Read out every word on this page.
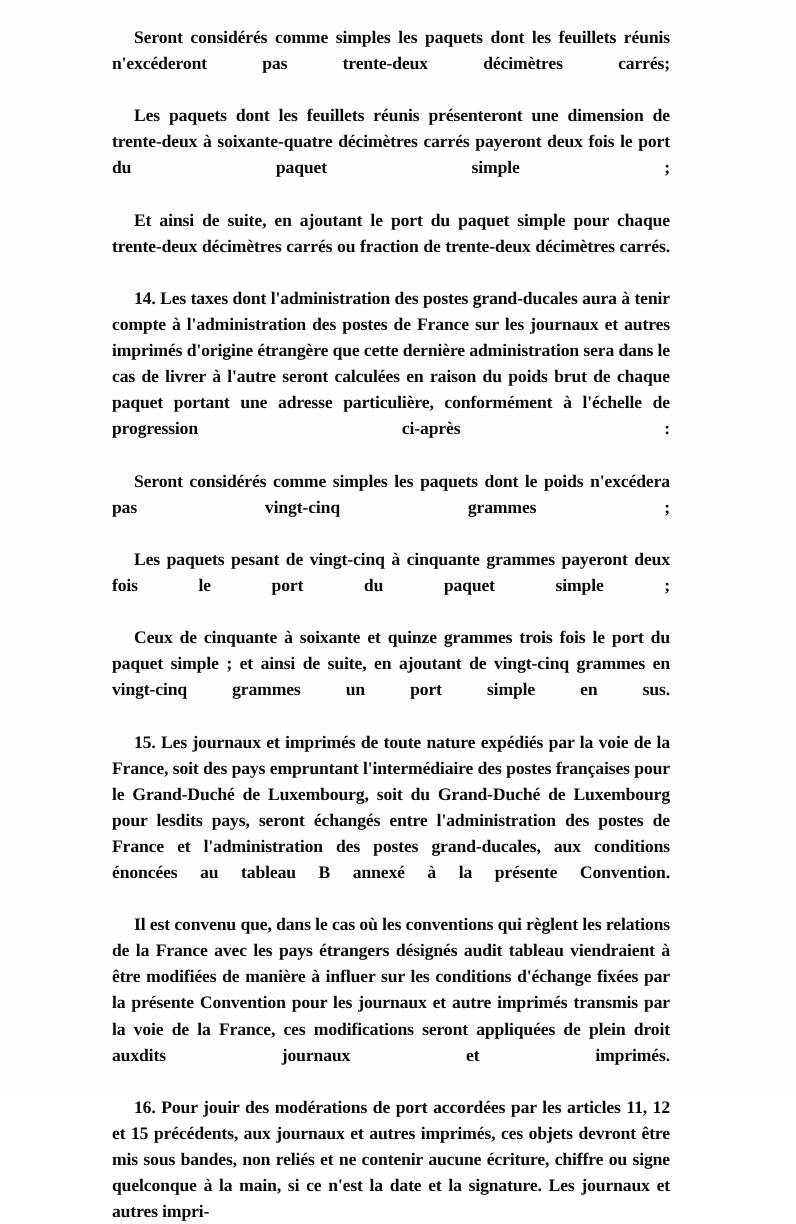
Seront considérés comme simples les paquets dont les feuillets réunis n'excéderont pas trente-deux décimètres carrés;

Les paquets dont les feuillets réunis présenteront une dimension de trente-deux à soixante-quatre décimètres carrés payeront deux fois le port du paquet simple ;

Et ainsi de suite, en ajoutant le port du paquet simple pour chaque trente-deux décimètres carrés ou fraction de trente-deux décimètres carrés.

14. Les taxes dont l'administration des postes grand-ducales aura à tenir compte à l'administration des postes de France sur les journaux et autres imprimés d'origine étrangère que cette dernière administration sera dans le cas de livrer à l'autre seront calculées en raison du poids brut de chaque paquet portant une adresse particulière, conformément à l'échelle de progression ci-après :

Seront considérés comme simples les paquets dont le poids n'excédera pas vingt-cinq grammes ;

Les paquets pesant de vingt-cinq à cinquante grammes payeront deux fois le port du paquet simple ;

Ceux de cinquante à soixante et quinze grammes trois fois le port du paquet simple ; et ainsi de suite, en ajoutant de vingt-cinq grammes en vingt-cinq grammes un port simple en sus.

15. Les journaux et imprimés de toute nature expédiés par la voie de la France, soit des pays empruntant l'intermédiaire des postes françaises pour le Grand-Duché de Luxembourg, soit du Grand-Duché de Luxembourg pour lesdits pays, seront échangés entre l'administration des postes de France et l'administration des postes grand-ducales, aux conditions énoncées au tableau B annexé à la présente Convention.

Il est convenu que, dans le cas où les conventions qui règlent les relations de la France avec les pays étrangers désignés audit tableau viendraient à être modifiées de manière à influer sur les conditions d'échange fixées par la présente Convention pour les journaux et autre imprimés transmis par la voie de la France, ces modifications seront appliquées de plein droit auxdits journaux et imprimés.

16. Pour jouir des modérations de port accordées par les articles 11, 12 et 15 précédents, aux journaux et autres imprimés, ces objets devront être mis sous bandes, non reliés et ne contenir aucune écriture, chiffre ou signe quelconque à la main, si ce n'est la date et la signature. Les journaux et autres impri-
